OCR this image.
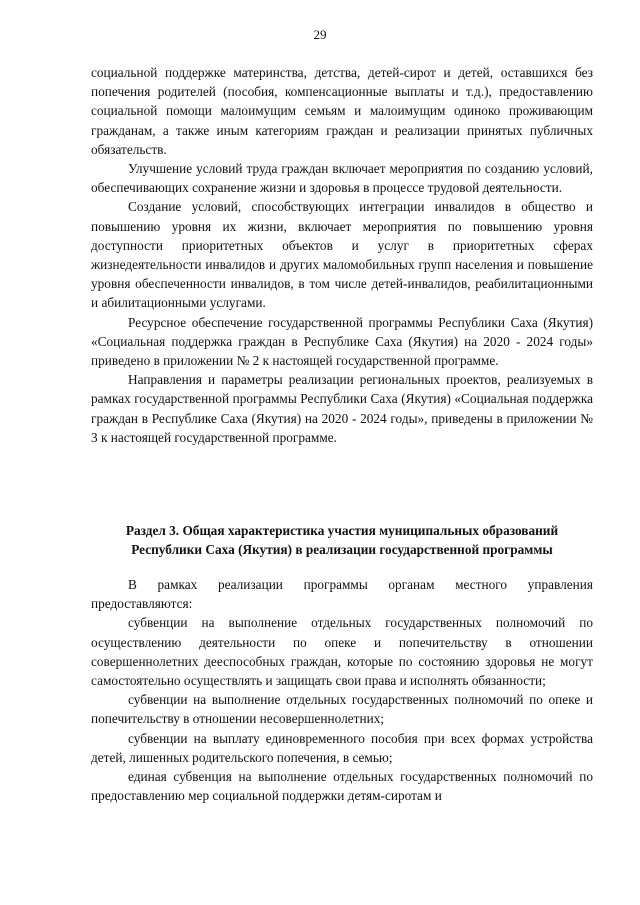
29

социальной поддержке материнства, детства, детей-сирот и детей, оставшихся без попечения родителей (пособия, компенсационные выплаты и т.д.), предоставлению социальной помощи малоимущим семьям и малоимущим одиноко проживающим гражданам, а также иным категориям граждан и реализации принятых публичных обязательств.

Улучшение условий труда граждан включает мероприятия по созданию условий, обеспечивающих сохранение жизни и здоровья в процессе трудовой деятельности.

Создание условий, способствующих интеграции инвалидов в общество и повышению уровня их жизни, включает мероприятия по повышению уровня доступности приоритетных объектов и услуг в приоритетных сферах жизнедеятельности инвалидов и других маломобильных групп населения и повышение уровня обеспеченности инвалидов, в том числе детей-инвалидов, реабилитационными и абилитационными услугами.

Ресурсное обеспечение государственной программы Республики Саха (Якутия) «Социальная поддержка граждан в Республике Саха (Якутия) на 2020 - 2024 годы» приведено в приложении № 2 к настоящей государственной программе.

Направления и параметры реализации региональных проектов, реализуемых в рамках государственной программы Республики Саха (Якутия) «Социальная поддержка граждан в Республике Саха (Якутия) на 2020 - 2024 годы», приведены в приложении № 3 к настоящей государственной программе.

Раздел 3. Общая характеристика участия муниципальных образований
Республики Саха (Якутия) в реализации государственной программы

В рамках реализации программы органам местного управления предоставляются:

субвенции на выполнение отдельных государственных полномочий по осуществлению деятельности по опеке и попечительству в отношении совершеннолетних дееспособных граждан, которые по состоянию здоровья не могут самостоятельно осуществлять и защищать свои права и исполнять обязанности;

субвенции на выполнение отдельных государственных полномочий по опеке и попечительству в отношении несовершеннолетних;

субвенции на выплату единовременного пособия при всех формах устройства детей, лишенных родительского попечения, в семью;

единая субвенция на выполнение отдельных государственных полномочий по предоставлению мер социальной поддержки детям-сиротам и
